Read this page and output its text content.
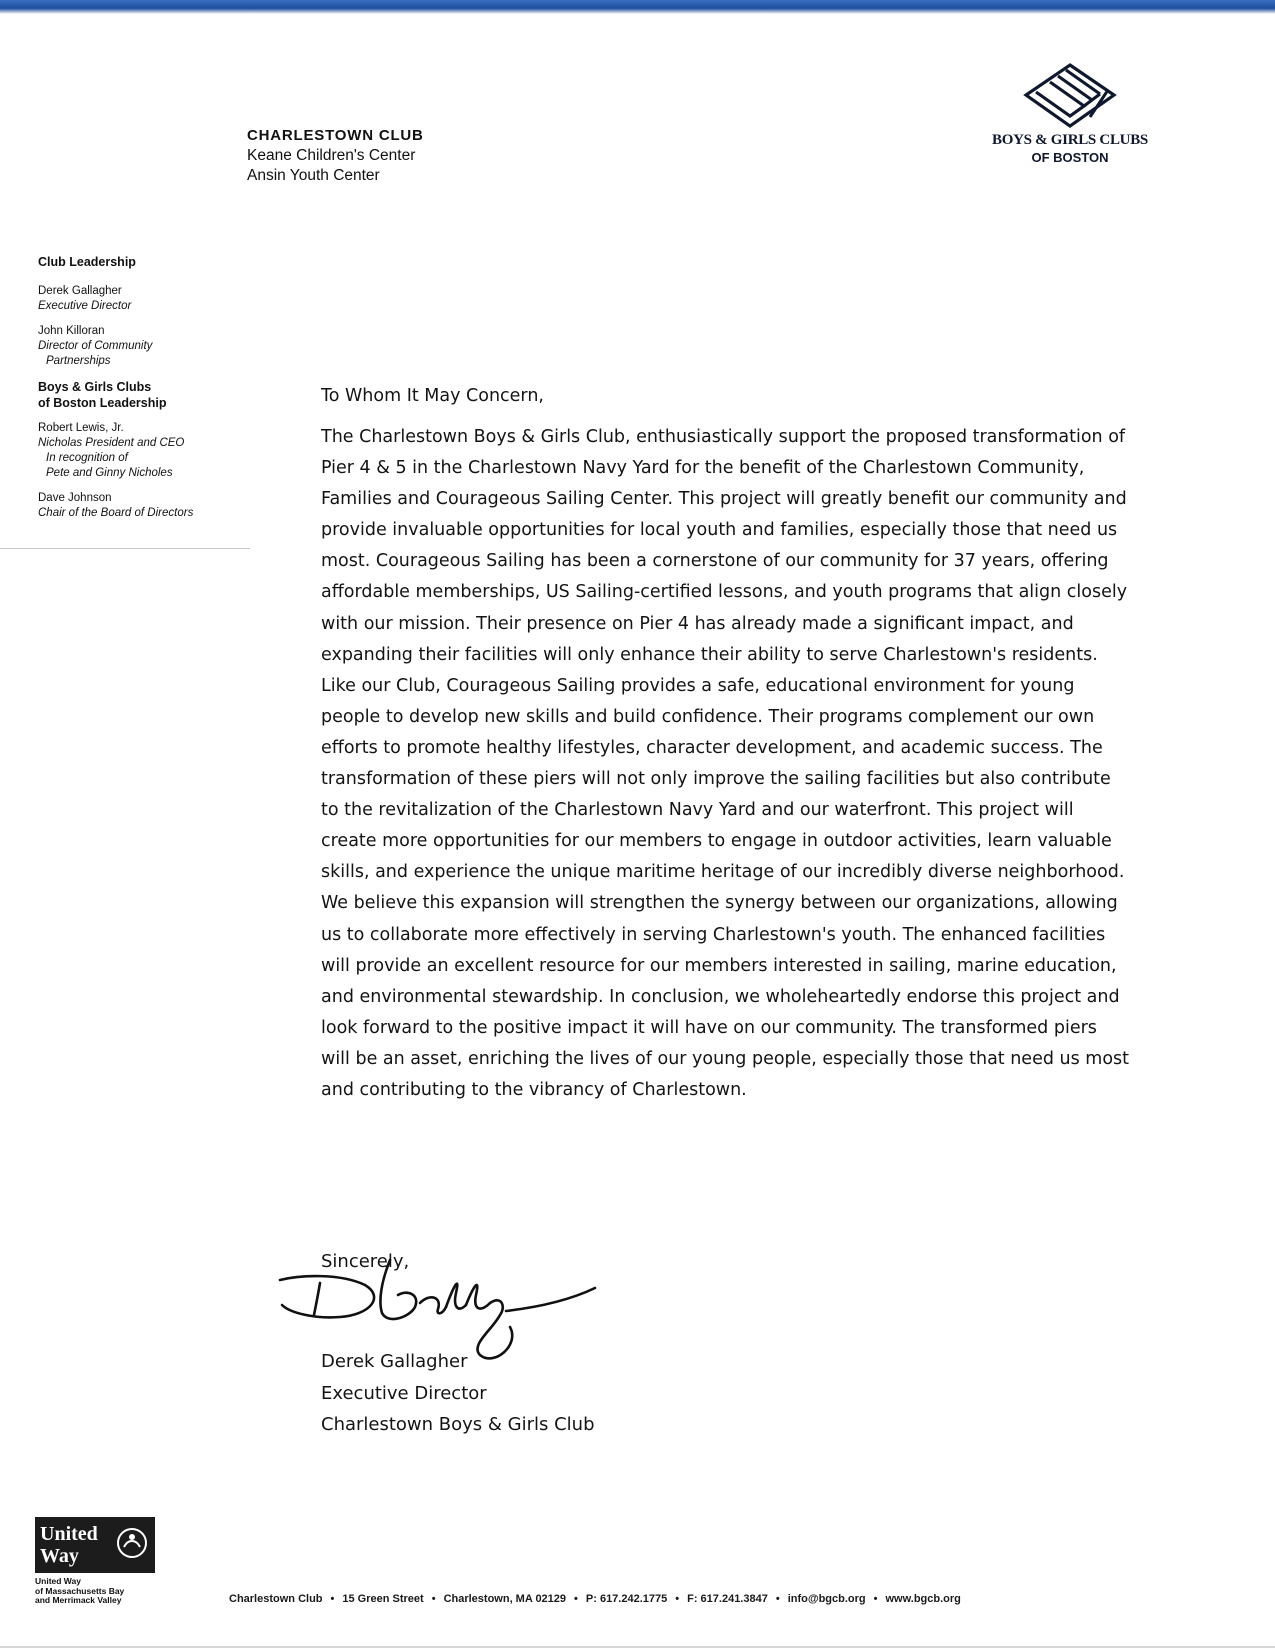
CHARLESTOWN CLUB
Keane Children's Center
Ansin Youth Center
BOYS & GIRLS CLUBS
OF BOSTON
Club Leadership
Derek Gallagher
Executive Director
John Killoran
Director of Community
Partnerships
Boys & Girls Clubs
of Boston Leadership
Robert Lewis, Jr.
Nicholas President and CEO
In recognition of
Pete and Ginny Nicholes
Dave Johnson
Chair of the Board of Directors
To Whom It May Concern,

The Charlestown Boys & Girls Club, enthusiastically support the proposed transformation of Pier 4 & 5 in the Charlestown Navy Yard for the benefit of the Charlestown Community, Families and Courageous Sailing Center. This project will greatly benefit our community and provide invaluable opportunities for local youth and families, especially those that need us most. Courageous Sailing has been a cornerstone of our community for 37 years, offering affordable memberships, US Sailing-certified lessons, and youth programs that align closely with our mission. Their presence on Pier 4 has already made a significant impact, and expanding their facilities will only enhance their ability to serve Charlestown's residents. Like our Club, Courageous Sailing provides a safe, educational environment for young people to develop new skills and build confidence. Their programs complement our own efforts to promote healthy lifestyles, character development, and academic success. The transformation of these piers will not only improve the sailing facilities but also contribute to the revitalization of the Charlestown Navy Yard and our waterfront. This project will create more opportunities for our members to engage in outdoor activities, learn valuable skills, and experience the unique maritime heritage of our incredibly diverse neighborhood. We believe this expansion will strengthen the synergy between our organizations, allowing us to collaborate more effectively in serving Charlestown's youth. The enhanced facilities will provide an excellent resource for our members interested in sailing, marine education, and environmental stewardship. In conclusion, we wholeheartedly endorse this project and look forward to the positive impact it will have on our community. The transformed piers will be an asset, enriching the lives of our young people, especially those that need us most and contributing to the vibrancy of Charlestown.

Sincerely,
Derek Gallagher
Executive Director
Charlestown Boys & Girls Club
United
Way
United Way
of Massachusetts Bay
and Merrimack Valley	Charlestown Club • 15 Green Street • Charlestown, MA 02129 • P: 617.242.1775 • F: 617.241.3847 • info@bgcb.org • www.bgcb.org
